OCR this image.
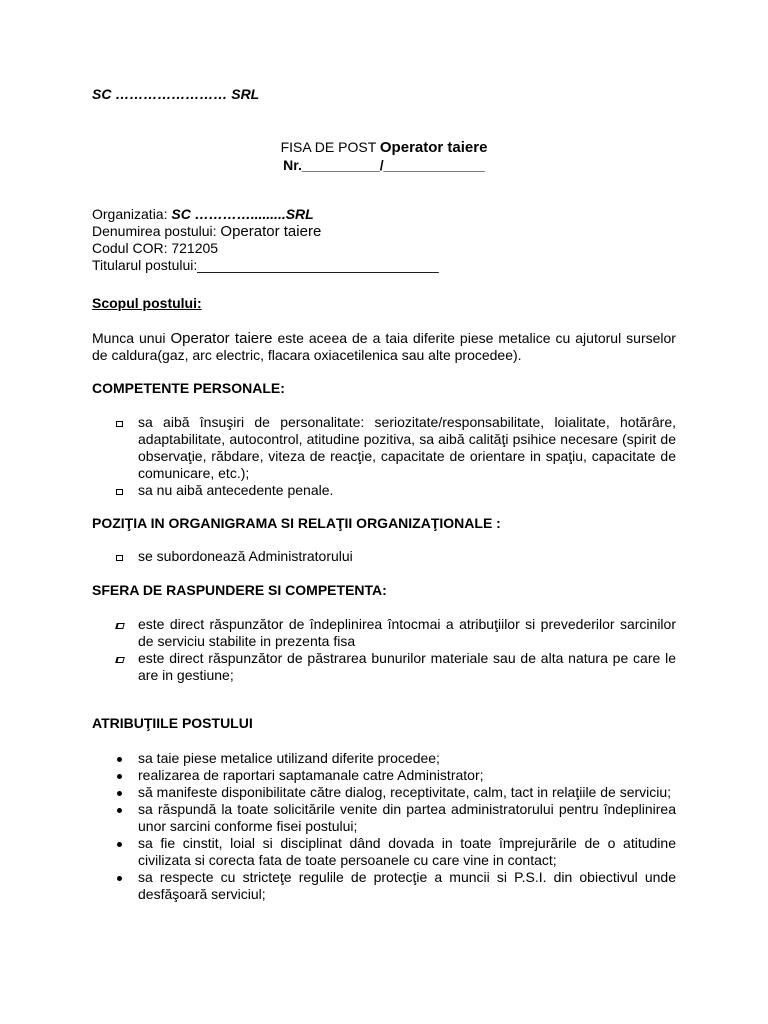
SC …………………… SRL
FISA DE POST Operator taiere
Nr.__________/_____________
Organizatia: SC ………….........SRL
Denumirea postului: Operator taiere
Codul COR: 721205
Titularul postului:_______________________________
Scopul postului:
Munca unui Operator taiere este aceea de a taia diferite piese metalice cu ajutorul surselor de caldura(gaz, arc electric, flacara oxiacetilenica sau alte procedee).
COMPETENTE PERSONALE:
sa aibă însuşiri de personalitate: seriozitate/responsabilitate, loialitate, hotărâre, adaptabilitate, autocontrol, atitudine pozitiva, sa aibă calităţi psihice necesare (spirit de observaţie, răbdare, viteza de reacţie, capacitate de orientare in spaţiu, capacitate de comunicare, etc.);
sa nu aibă antecedente penale.
POZIŢIA IN ORGANIGRAMA SI RELAŢII ORGANIZAŢIONALE :
se subordonează Administratorului
SFERA DE RASPUNDERE SI COMPETENTA:
este direct răspunzător de îndeplinirea întocmai a atribuţiilor si prevederilor sarcinilor de serviciu stabilite in prezenta fisa
este direct răspunzător de păstrarea bunurilor materiale sau de alta natura pe care le are in gestiune;
ATRIBUŢIILE POSTULUI
sa taie piese metalice utilizand diferite procedee;
realizarea de raportari saptamanale catre Administrator;
să manifeste disponibilitate către dialog, receptivitate, calm, tact in relaţiile de serviciu;
sa răspundă la toate solicitările venite din partea administratorului pentru îndeplinirea unor sarcini conforme fisei postului;
sa fie cinstit, loial si disciplinat dând dovada in toate împrejurările de o atitudine civilizata si corecta fata de toate persoanele cu care vine in contact;
sa respecte cu stricteţe regulile de protecţie a muncii si P.S.I. din obiectivul unde desfăşoară serviciul;
